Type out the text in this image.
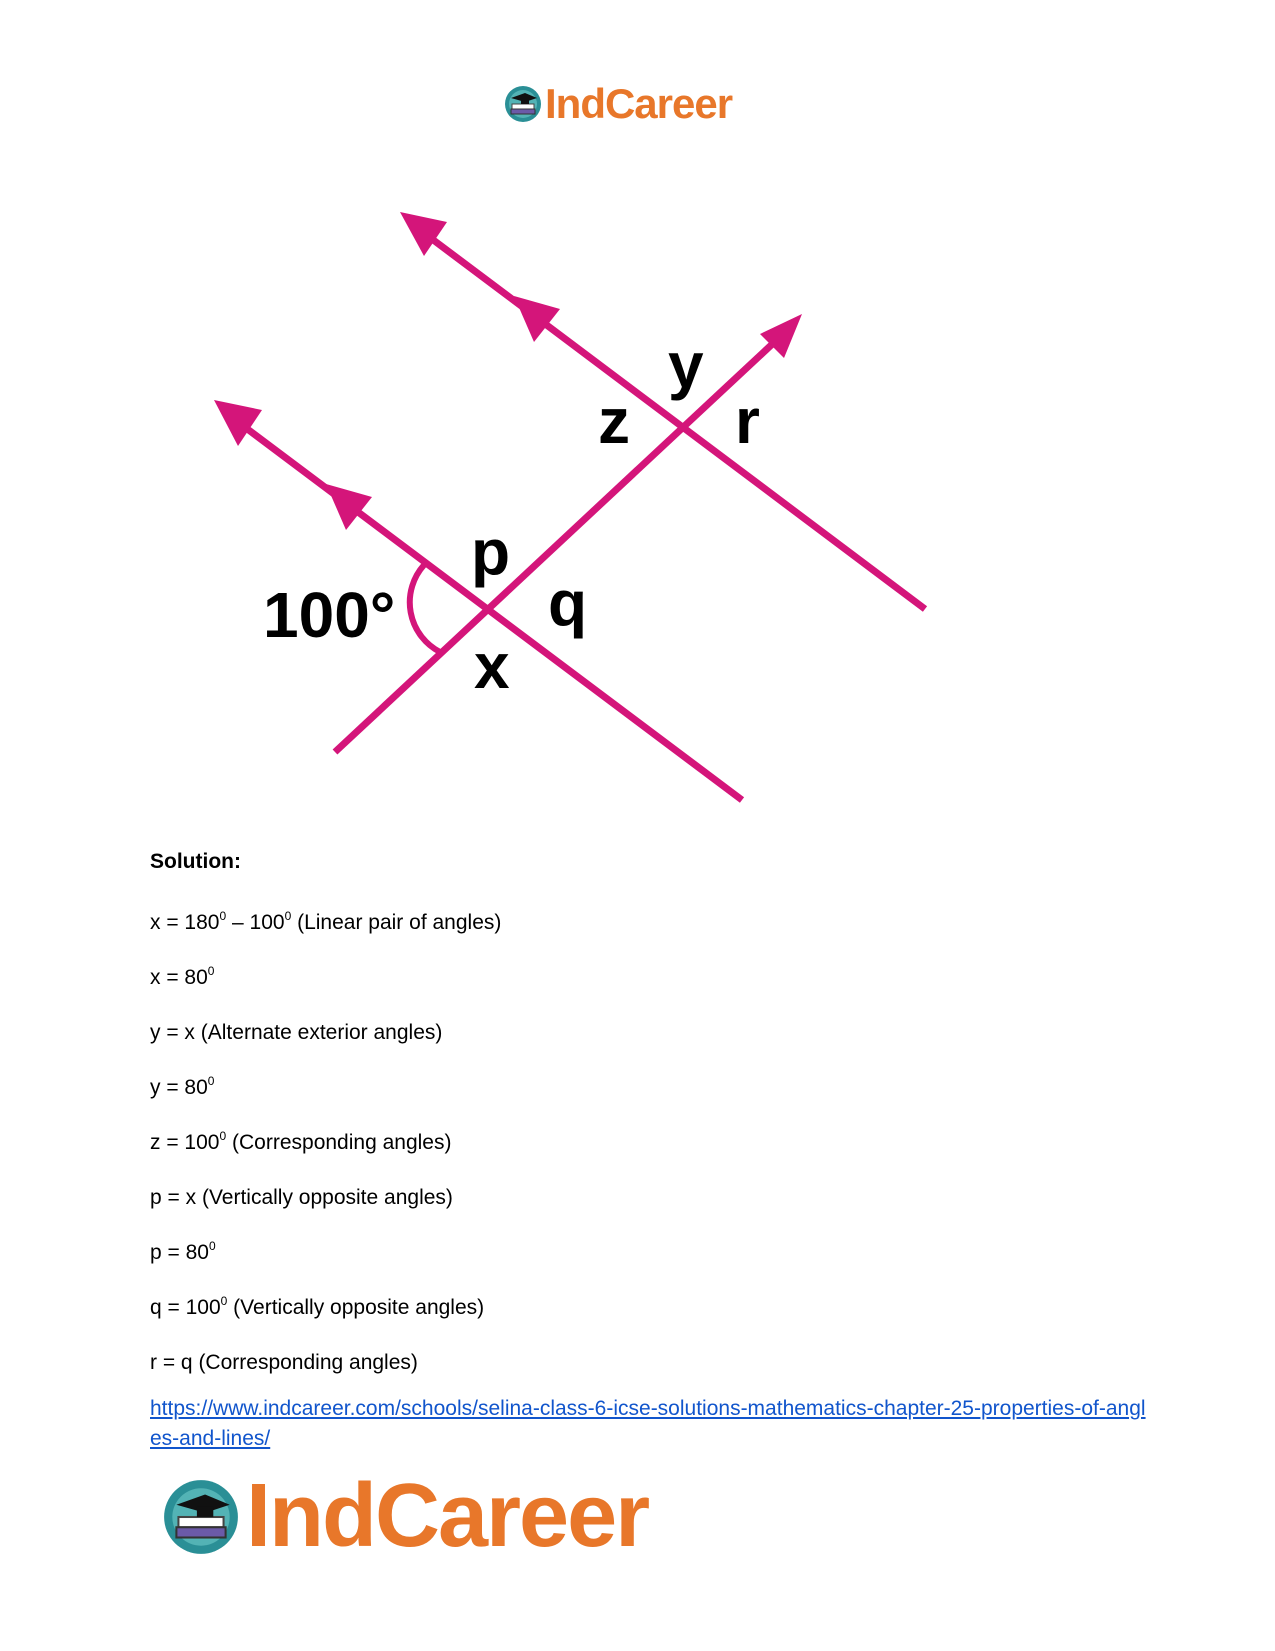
IndCareer
100°
p
q
x
y
z r
Solution:
$x = 180^0 - 100^0$ (Linear pair of angles)
$x = 80^0$
y = x (Alternate exterior angles)
$y = 80^0$
$z = 100^0$ (Corresponding angles)
p = x (Vertically opposite angles)
$p = 80^0$
$q = 100^0$ (Vertically opposite angles)
r = q (Corresponding angles)
https://www.indcareer.com/schools/selina-class-6-icse-solutions-mathematics-chapter-25-properties-of-angles-and-lines/
IndCareer
